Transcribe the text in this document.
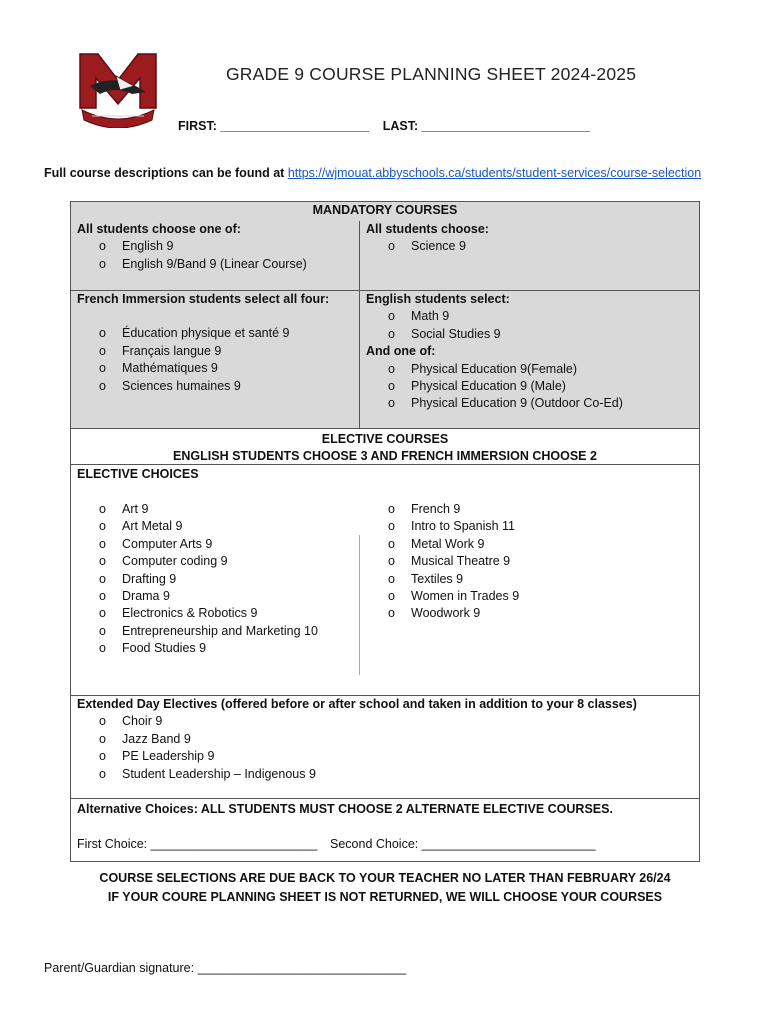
GRADE 9 COURSE PLANNING SHEET 2024-2025
FIRST: _______________________ LAST: __________________________
Full course descriptions can be found at https://wjmouat.abbyschools.ca/students/student-services/course-selection
MANDATORY COURSES
All students choose one of:
o English 9
o English 9/Band 9 (Linear Course)
All students choose:
o Science 9
French Immersion students select all four:
o Éducation physique et santé 9
o Français langue 9
o Mathématiques 9
o Sciences humaines 9
English students select:
o Math 9
o Social Studies 9
And one of:
o Physical Education 9(Female)
o Physical Education 9 (Male)
o Physical Education 9 (Outdoor Co-Ed)
ELECTIVE COURSES
ENGLISH STUDENTS CHOOSE 3 AND FRENCH IMMERSION CHOOSE 2
ELECTIVE CHOICES
o Art 9
o Art Metal 9
o Computer Arts 9
o Computer coding 9
o Drafting 9
o Drama 9
o Electronics & Robotics 9
o Entrepreneurship and Marketing 10
o Food Studies 9
o French 9
o Intro to Spanish 11
o Metal Work 9
o Musical Theatre 9
o Textiles 9
o Women in Trades 9
o Woodwork 9
Extended Day Electives (offered before or after school and taken in addition to your 8 classes)
o Choir 9
o Jazz Band 9
o PE Leadership 9
o Student Leadership – Indigenous 9
Alternative Choices: ALL STUDENTS MUST CHOOSE 2 ALTERNATE ELECTIVE COURSES.
First Choice: ________________________ Second Choice: _________________________
COURSE SELECTIONS ARE DUE BACK TO YOUR TEACHER NO LATER THAN FEBRUARY 26/24
IF YOUR COURE PLANNING SHEET IS NOT RETURNED, WE WILL CHOOSE YOUR COURSES
Parent/Guardian signature: ______________________________
